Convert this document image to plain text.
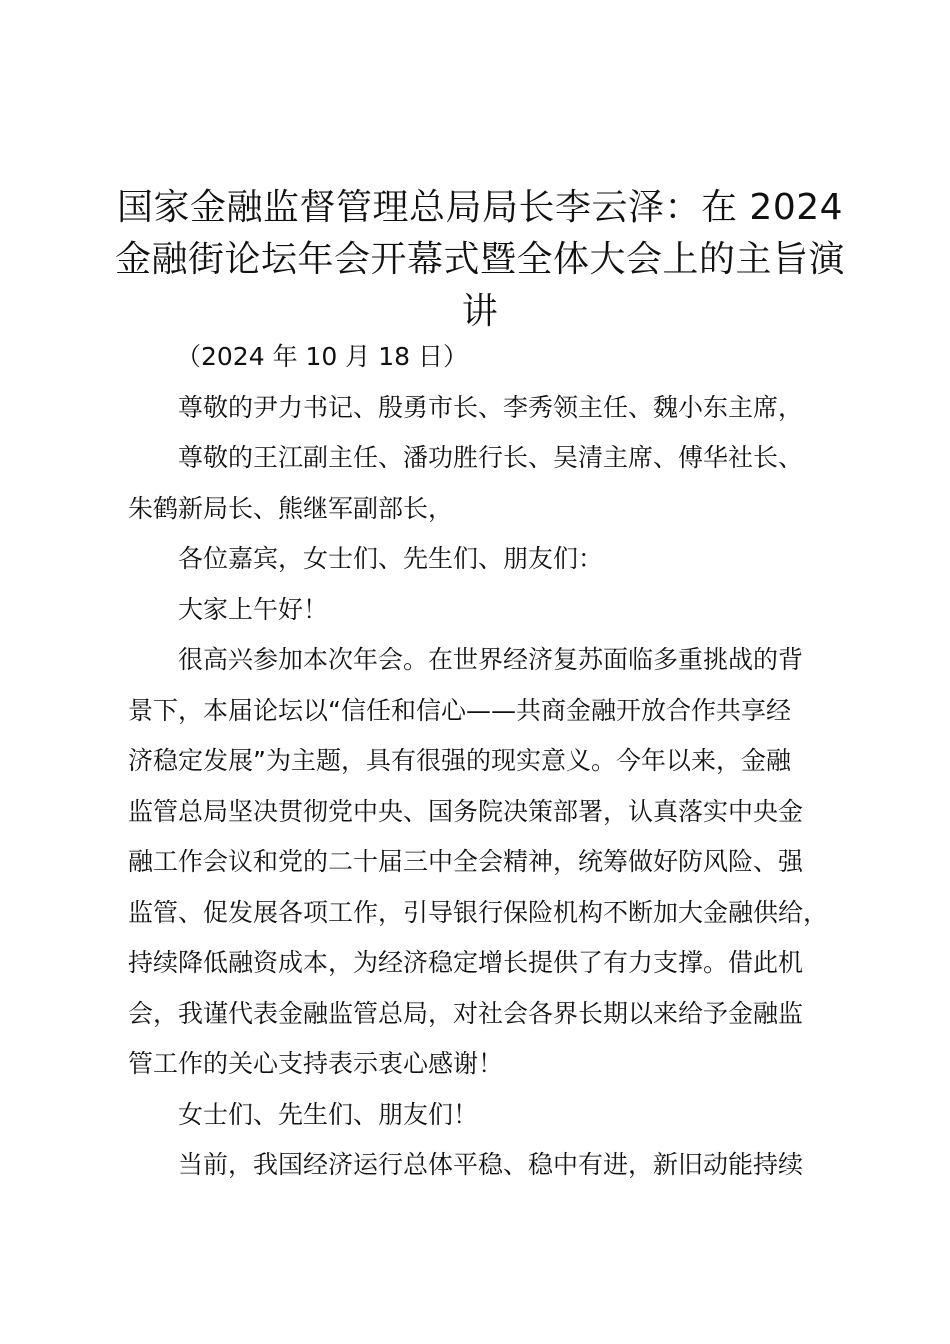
国家金融监督管理总局局长李云泽：在 2024
金融街论坛年会开幕式暨全体大会上的主旨演
讲
（2024 年 10 月 18 日）
尊敬的尹力书记、殷勇市长、李秀领主任、魏小东主席，
尊敬的王江副主任、潘功胜行长、吴清主席、傅华社长、
朱鹤新局长、熊继军副部长，
各位嘉宾，女士们、先生们、朋友们：
大家上午好！
很高兴参加本次年会。在世界经济复苏面临多重挑战的背
景下，本届论坛以“信任和信心——共商金融开放合作共享经
济稳定发展”为主题，具有很强的现实意义。今年以来，金融
监管总局坚决贯彻党中央、国务院决策部署，认真落实中央金
融工作会议和党的二十届三中全会精神，统筹做好防风险、强
监管、促发展各项工作，引导银行保险机构不断加大金融供给，
持续降低融资成本，为经济稳定增长提供了有力支撑。借此机
会，我谨代表金融监管总局，对社会各界长期以来给予金融监
管工作的关心支持表示衷心感谢！
女士们、先生们、朋友们！
当前，我国经济运行总体平稳、稳中有进，新旧动能持续
